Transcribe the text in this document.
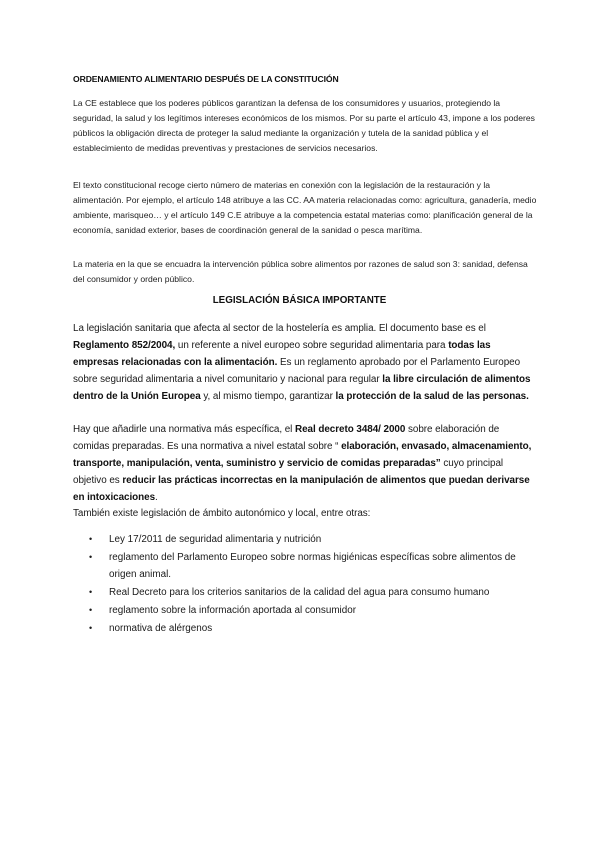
ORDENAMIENTO ALIMENTARIO DESPUÉS DE LA CONSTITUCIÓN

La CE establece que los poderes públicos garantizan la defensa de los consumidores y usuarios, protegiendo la seguridad, la salud y los legítimos intereses económicos de los mismos. Por su parte el artículo 43, impone a los poderes públicos la obligación directa de proteger la salud mediante la organización y tutela de la sanidad pública y el establecimiento de medidas preventivas y prestaciones de servicios necesarios.

El texto constitucional recoge cierto número de materias en conexión con la legislación de la restauración y la alimentación. Por ejemplo, el artículo 148 atribuye a las CC. AA materia relacionadas como: agricultura, ganadería, medio ambiente, marisqueo… y el artículo 149 C.E atribuye a la competencia estatal materias como: planificación general de la economía, sanidad exterior, bases de coordinación general de la sanidad o pesca marítima.

La materia en la que se encuadra la intervención pública sobre alimentos por razones de salud son 3: sanidad, defensa del consumidor y orden público.

LEGISLACIÓN BÁSICA IMPORTANTE

La legislación sanitaria que afecta al sector de la hostelería es amplia. El documento base es el Reglamento 852/2004, un referente a nivel europeo sobre seguridad alimentaria para todas las empresas relacionadas con la alimentación. Es un reglamento aprobado por el Parlamento Europeo sobre seguridad alimentaria a nivel comunitario y nacional para regular la libre circulación de alimentos dentro de la Unión Europea y, al mismo tiempo, garantizar la protección de la salud de las personas.

Hay que añadirle una normativa más específica, el Real decreto 3484/ 2000 sobre elaboración de comidas preparadas. Es una normativa a nivel estatal sobre “ elaboración, envasado, almacenamiento, transporte, manipulación, venta, suministro y servicio de comidas preparadas” cuyo principal objetivo es reducir las prácticas incorrectas en la manipulación de alimentos que puedan derivarse en intoxicaciones.

También existe legislación de ámbito autonómico y local, entre otras:

• Ley 17/2011 de seguridad alimentaria y nutrición
• reglamento del Parlamento Europeo sobre normas higiénicas específicas sobre alimentos de origen animal.
• Real Decreto para los criterios sanitarios de la calidad del agua para consumo humano
• reglamento sobre la información aportada al consumidor
• normativa de alérgenos
